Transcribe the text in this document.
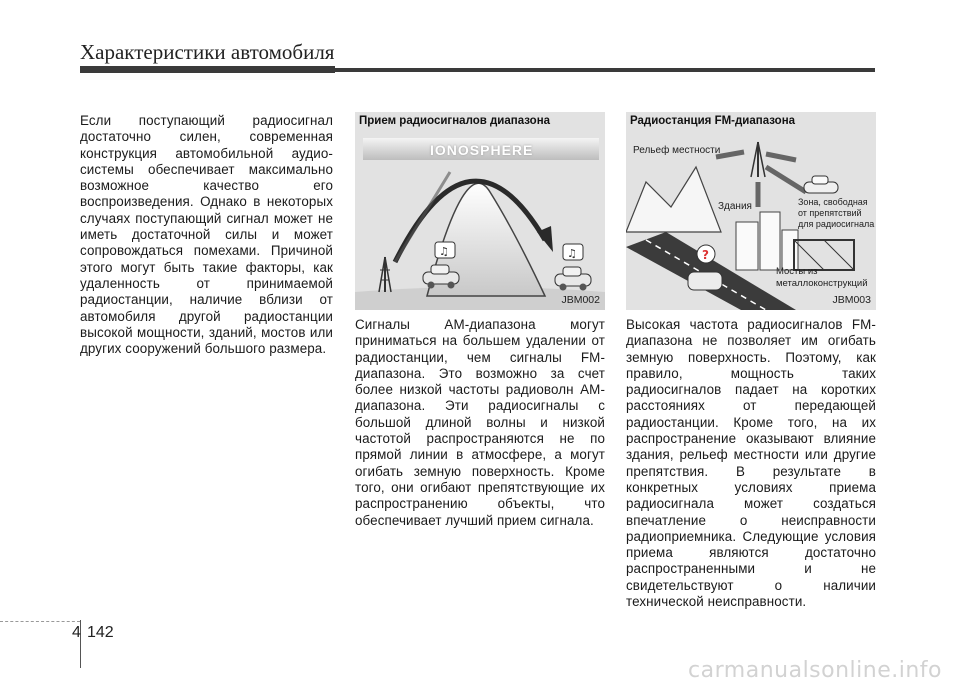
Характеристики автомобиля
Если поступающий радиосигнал достаточно силен, современная конструкция автомобильной аудио-системы обеспечивает максимально возможное качество его воспроизведения. Однако в некоторых случаях поступающий сигнал может не иметь достаточной силы и может сопровождаться помехами. Причиной этого могут быть такие факторы, как удаленность от принимаемой радиостанции, наличие вблизи от автомобиля другой радиостанции высокой мощности, зданий, мостов или других сооружений большого размера.
♫	♫
Прием радиосигналов диапазона
IONOSPHERE
JBM002
?
Радиостанция FM-диапазона
Рельеф местности
Здания	Зона, свободная
от препятствий
для радиосигнала
Мосты из
металлоконструкций
JBM003
Сигналы АМ-диапазона могут приниматься на большем удалении от радиостанции, чем сигналы FM-диапазона. Это возможно за счет более низкой частоты радиоволн АМ-диапазона. Эти радиосигналы с большой длиной волны и низкой частотой распространяются не по прямой линии в атмосфере, а могут огибать земную поверхность. Кроме того, они огибают препятствующие их распространению объекты, что обеспечивает лучший прием сигнала.
Высокая частота радиосигналов FM-диапазона не позволяет им огибать земную поверхность. Поэтому, как правило, мощность таких радиосигналов падает на коротких расстояниях от передающей радиостанции. Кроме того, на их распространение оказывают влияние здания, рельеф местности или другие препятствия. В результате в конкретных условиях приема радиосигнала может создаться впечатление о неисправности радиоприемника. Следующие условия приема являются достаточно распространенными и не свидетельствуют о наличии технической неисправности.
4 142
carmanualsonline.info
